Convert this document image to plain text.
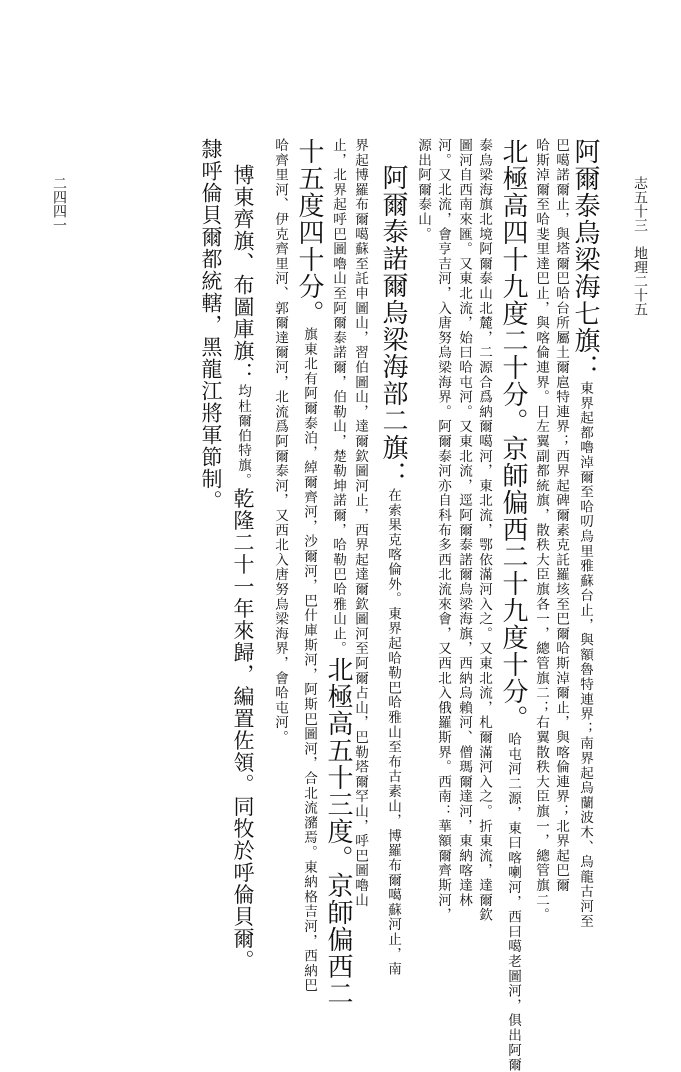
志五十三　地理二十五
二四四一	阿爾泰烏梁海七旗：東界起都嚕淖爾至哈叨烏里雅蘇台止，與額魯特連界；南界起烏蘭波木、烏龍古河至
巴噶諾爾止，與塔爾巴哈台所屬土爾扈特連界；西界起碑爾素克託羅垓至巴爾哈斯淖爾止，與喀倫連界；北界起巴爾
哈斯淖爾至哈斐里達巴止，與喀倫連界。日左翼副都統旗，散秩大臣旗各一，總管旗二；右翼散秩大臣旗一，總管旗二。
北極高四十九度二十分。京師偏西二十九度十分。哈屯河二源，東曰喀喇河，西曰噶老圖河，俱出阿爾
泰烏梁海旗北境阿爾泰山北麓，二源合爲納爾噶河，東北流，鄂依滿河入之。又東北流，札爾滿河入之。折東流，達爾欽
圖河自西南來匯。又東北流，始曰哈屯河。又東北流，逕阿爾泰諾爾烏梁海旗，西納烏賴河、僧瑪爾達河，東納喀達林
河。又北流，會亨吉河，入唐努烏梁海界。阿爾泰河亦自科布多西北流來會，又西北入俄羅斯界。西南：華額爾齊斯河，
源出阿爾泰山。
阿爾泰諾爾烏梁海部二旗：在索果克喀倫外。東界起哈勒巴哈雅山至布古素山，博羅布爾噶蘇河止，南
界起博羅布爾噶蘇至託申圖山，習伯圖山，達爾欽圖河止，西界起達爾欽圖河至阿爾占山，巴勒塔爾罕山，呼巴圖嚕山
止，北界起呼巴圖嚕山至阿爾泰諾爾，伯勒山，楚勒坤諾爾，哈勒巴哈雅山止。北極高五十三度。京師偏西二
十五度四十分。旗東北有阿爾泰泊，綽爾齊河，沙爾河，巴什庫斯河，阿斯巴圖河，合北流瀦焉。東納格吉河，西納巴
哈齊里河、伊克齊里河、郭爾達爾河，北流爲阿爾泰河，又西北入唐努烏梁海界，會哈屯河。
博東齊旗、布圖庫旗：均杜爾伯特旗。乾隆二十一年來歸，編置佐領。同牧於呼倫貝爾。
隸呼倫貝爾都統轄，黑龍江將軍節制。
